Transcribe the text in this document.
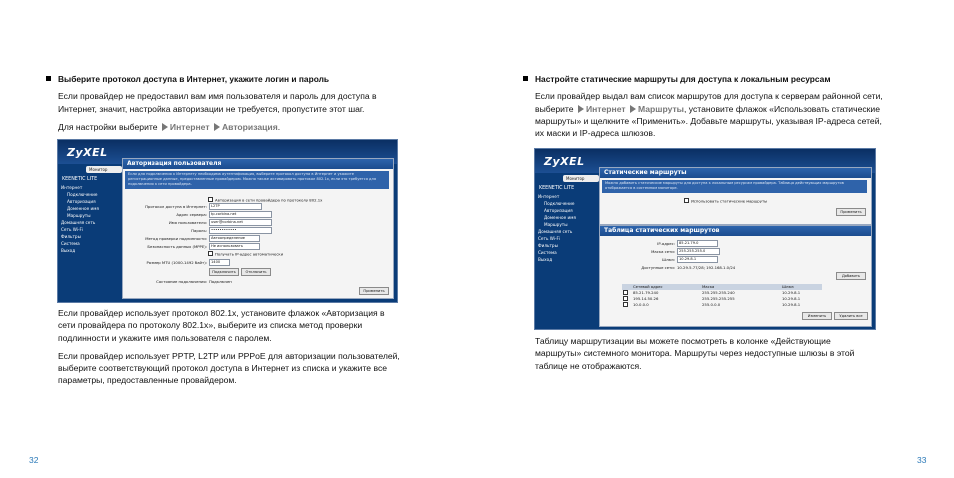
Выберите протокол доступа в Интернет, укажите логин и пароль

Если провайдер не предоставил вам имя пользователя и пароль для доступа в Интернет, значит, настройка авторизации не требуется, пропустите этот шаг.

Для настройки выберите Интернет Авторизация.

ZyXEL
Монитор
KEENETIC LITE
Интернет
Подключение
Авторизация
Доменное имя
Маршруты
Домашняя сеть
Сеть Wi-Fi
Фильтры
Система
Выход
Авторизация пользователя
Если для подключения к Интернету необходима аутентификация, выберите протокол доступа в Интернет и укажите регистрационные данные, предоставленные провайдером. Можно также активировать протокол 802.1x, если это требуется для подключения к сети провайдера.
Авторизация в сети провайдера по протоколу 802.1x
Протокол доступа в Интернет:	L2TP
Адрес сервера:	tp.corbina.net
Имя пользователя:	user@corbina.net
Пароль:	••••••••••••
Метод проверки подлинности:	Автоопределение
Безопасность данных (MPPE):	Не использовать
Получать IP-адрес автоматически
Размер MTU (1000-1492 байт):	1400
Подключить	Отключить
Состояние подключения: Подключен
Применить

Если провайдер использует протокол 802.1x, установите флажок «Авторизация в сети провайдера по протоколу 802.1x», выберите из списка метод проверки подлинности и укажите имя пользователя с паролем.

Если провайдер использует PPTP, L2TP или PPPoE для авторизации пользователей, выберите соответствующий протокол доступа в Интернет из списка и укажите все параметры, предоставленные провайдером.

32

Настройте статические маршруты для доступа к локальным ресурсам

Если провайдер выдал вам список маршрутов для доступа к серверам районной сети, выберите Интернет Маршруты, установите флажок «Использовать статические маршруты» и щелкните «Применить». Добавьте маршруты, указывая IP-адреса сетей, их маски и IP-адреса шлюзов.

ZyXEL
Монитор
KEENETIC LITE
Интернет
Подключение
Авторизация
Доменное имя
Маршруты
Домашняя сеть
Сеть Wi-Fi
Фильтры
Система
Выход
Статические маршруты
Можно добавить статические маршруты для доступа к локальным ресурсам провайдера. Таблица действующих маршрутов отображается в системном мониторе.
Использовать статические маршруты
Применить
Таблица статических маршрутов
IP-адрес:	85.21.79.0
Маска сети:	255.255.255.0
Шлюз:	10.29.8.1
Доступные сети: 10.29.5.77/28; 192.168.1.0/24
Добавить
Сетевой адрес	Маска	Шлюз
85.21.79.240	255.255.255.240	10.29.8.1
195.14.50.26	255.255.255.255	10.29.8.1
10.0.0.0	255.0.0.0	10.29.8.1
Изменить	Удалить все

Таблицу маршрутизации вы можете посмотреть в колонке «Действующие маршруты» системного монитора. Маршруты через недоступные шлюзы в этой таблице не отображаются.

33
